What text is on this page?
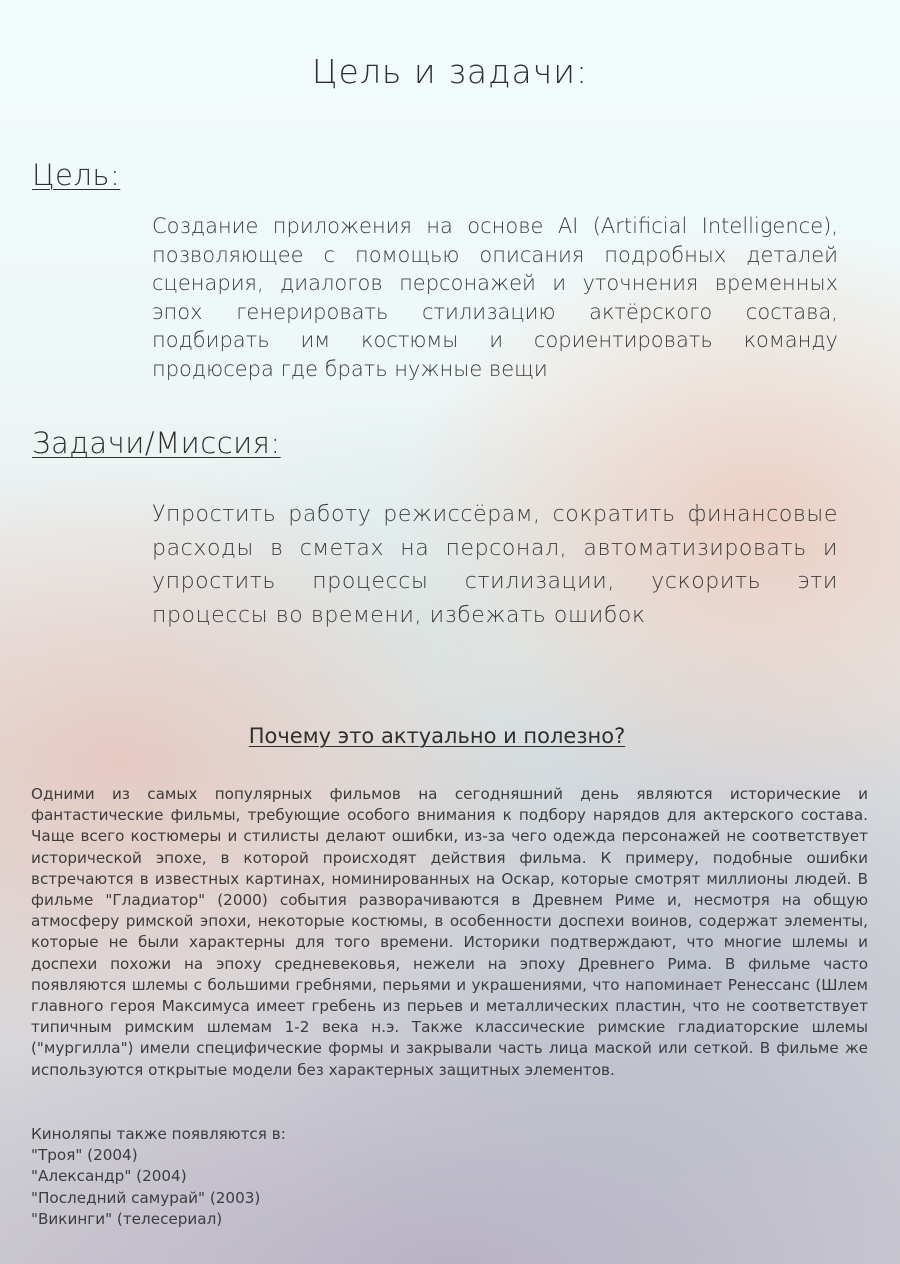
Цель и задачи:
Цель:
Создание приложения на основе AI (Artificial Intelligence), позволяющее с помощью описания подробных деталей сценария, диалогов персонажей и уточнения временных эпох генерировать стилизацию актёрского состава, подбирать им костюмы и сориентировать команду продюсера где брать нужные вещи
Задачи/Миссия:
Упростить работу режиссёрам, сократить финансовые расходы в сметах на персонал, автоматизировать и упростить процессы стилизации, ускорить эти процессы во времени, избежать ошибок
Почему это актуально и полезно?
Одними из самых популярных фильмов на сегодняшний день являются исторические и фантастические фильмы, требующие особого внимания к подбору нарядов для актерского состава. Чаще всего костюмеры и стилисты делают ошибки, из-за чего одежда персонажей не соответствует исторической эпохе, в которой происходят действия фильма. К примеру, подобные ошибки встречаются в известных картинах, номинированных на Оскар, которые смотрят миллионы людей. В фильме "Гладиатор" (2000) события разворачиваются в Древнем Риме и, несмотря на общую атмосферу римской эпохи, некоторые костюмы, в особенности доспехи воинов, содержат элементы, которые не были характерны для того времени. Историки подтверждают, что многие шлемы и доспехи похожи на эпоху средневековья, нежели на эпоху Древнего Рима. В фильме часто появляются шлемы с большими гребнями, перьями и украшениями, что напоминает Ренессанс (Шлем главного героя Максимуса имеет гребень из перьев и металлических пластин, что не соответствует типичным римским шлемам 1-2 века н.э. Также классические римские гладиаторские шлемы ("мургилла") имели специфические формы и закрывали часть лица маской или сеткой. В фильме же используются открытые модели без характерных защитных элементов.
Киноляпы также появляются в:
"Троя" (2004)
"Александр" (2004)
"Последний самурай" (2003)
"Викинги" (телесериал)
